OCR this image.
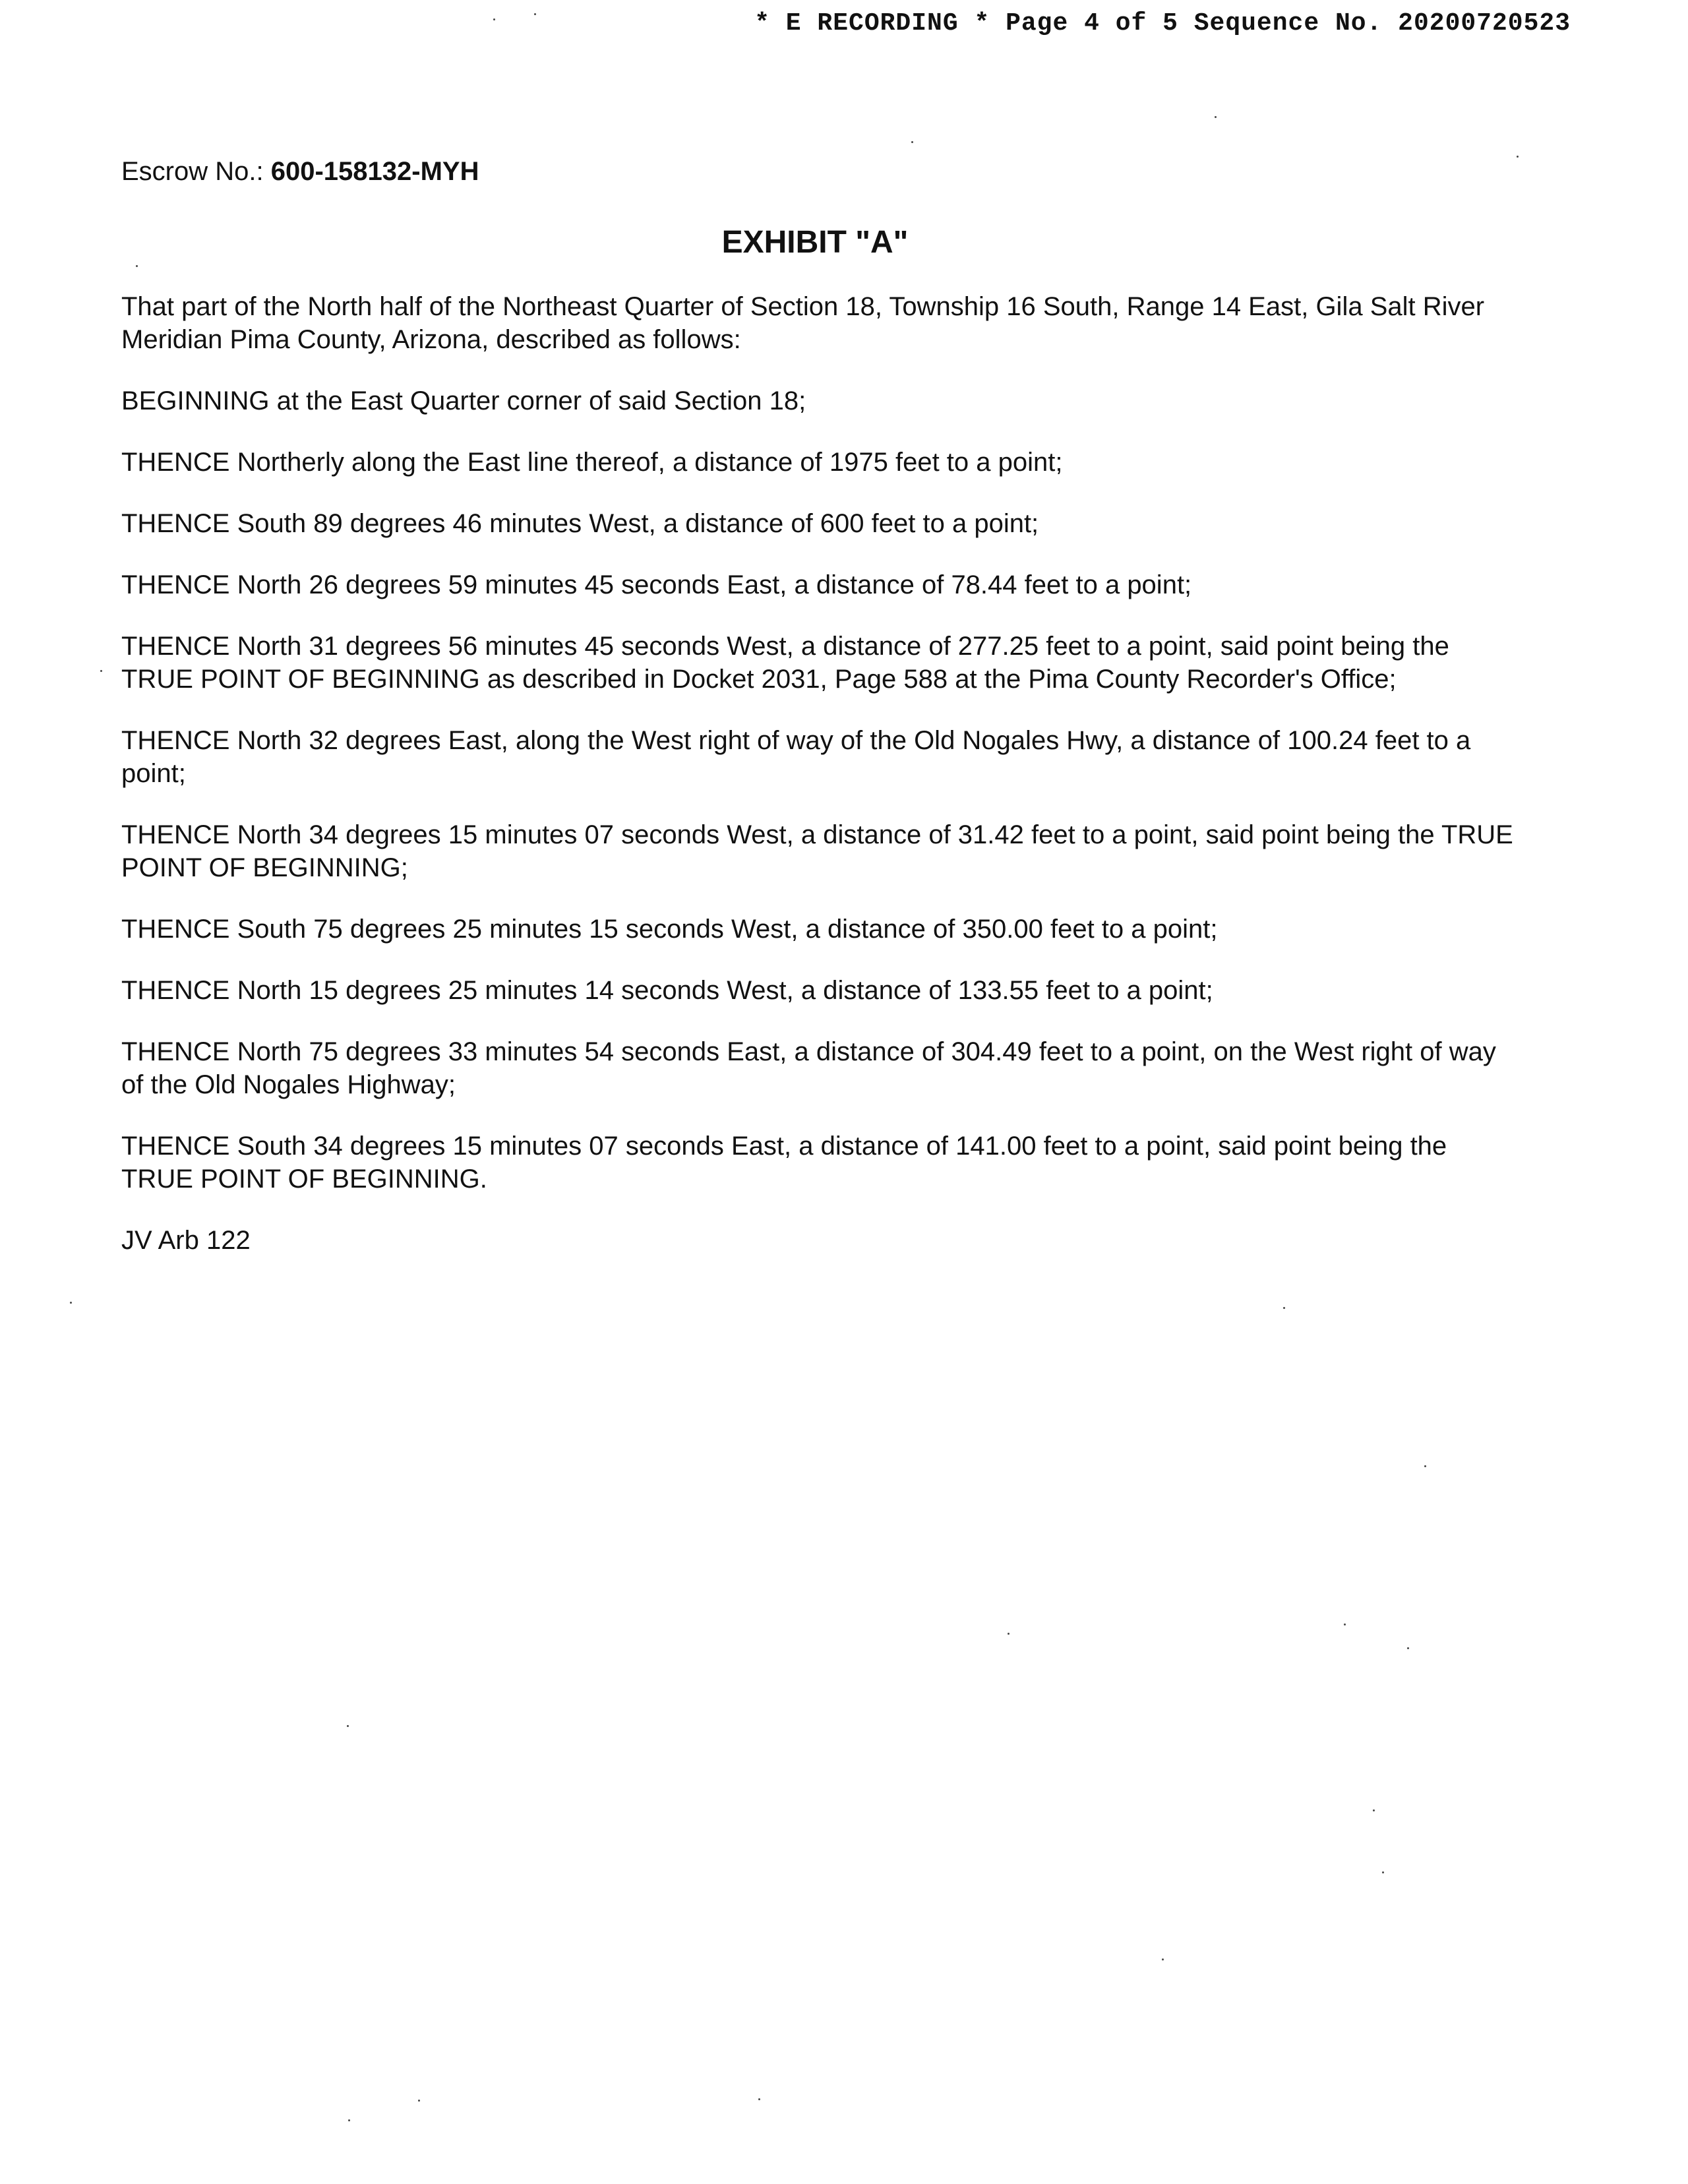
* E RECORDING * Page 4 of 5 Sequence No. 20200720523
Escrow No.: 600-158132-MYH
EXHIBIT "A"

That part of the North half of the Northeast Quarter of Section 18, Township 16 South, Range 14 East, Gila Salt River Meridian Pima County, Arizona, described as follows:

BEGINNING at the East Quarter corner of said Section 18;

THENCE Northerly along the East line thereof, a distance of 1975 feet to a point;

THENCE South 89 degrees 46 minutes West, a distance of 600 feet to a point;

THENCE North 26 degrees 59 minutes 45 seconds East, a distance of 78.44 feet to a point;

THENCE North 31 degrees 56 minutes 45 seconds West, a distance of 277.25 feet to a point, said point being the TRUE POINT OF BEGINNING as described in Docket 2031, Page 588 at the Pima County Recorder's Office;

THENCE North 32 degrees East, along the West right of way of the Old Nogales Hwy, a distance of 100.24 feet to a point;

THENCE North 34 degrees 15 minutes 07 seconds West, a distance of 31.42 feet to a point, said point being the TRUE POINT OF BEGINNING;

THENCE South 75 degrees 25 minutes 15 seconds West, a distance of 350.00 feet to a point;

THENCE North 15 degrees 25 minutes 14 seconds West, a distance of 133.55 feet to a point;

THENCE North 75 degrees 33 minutes 54 seconds East, a distance of 304.49 feet to a point, on the West right of way of the Old Nogales Highway;

THENCE South 34 degrees 15 minutes 07 seconds East, a distance of 141.00 feet to a point, said point being the TRUE POINT OF BEGINNING.

JV Arb 122
